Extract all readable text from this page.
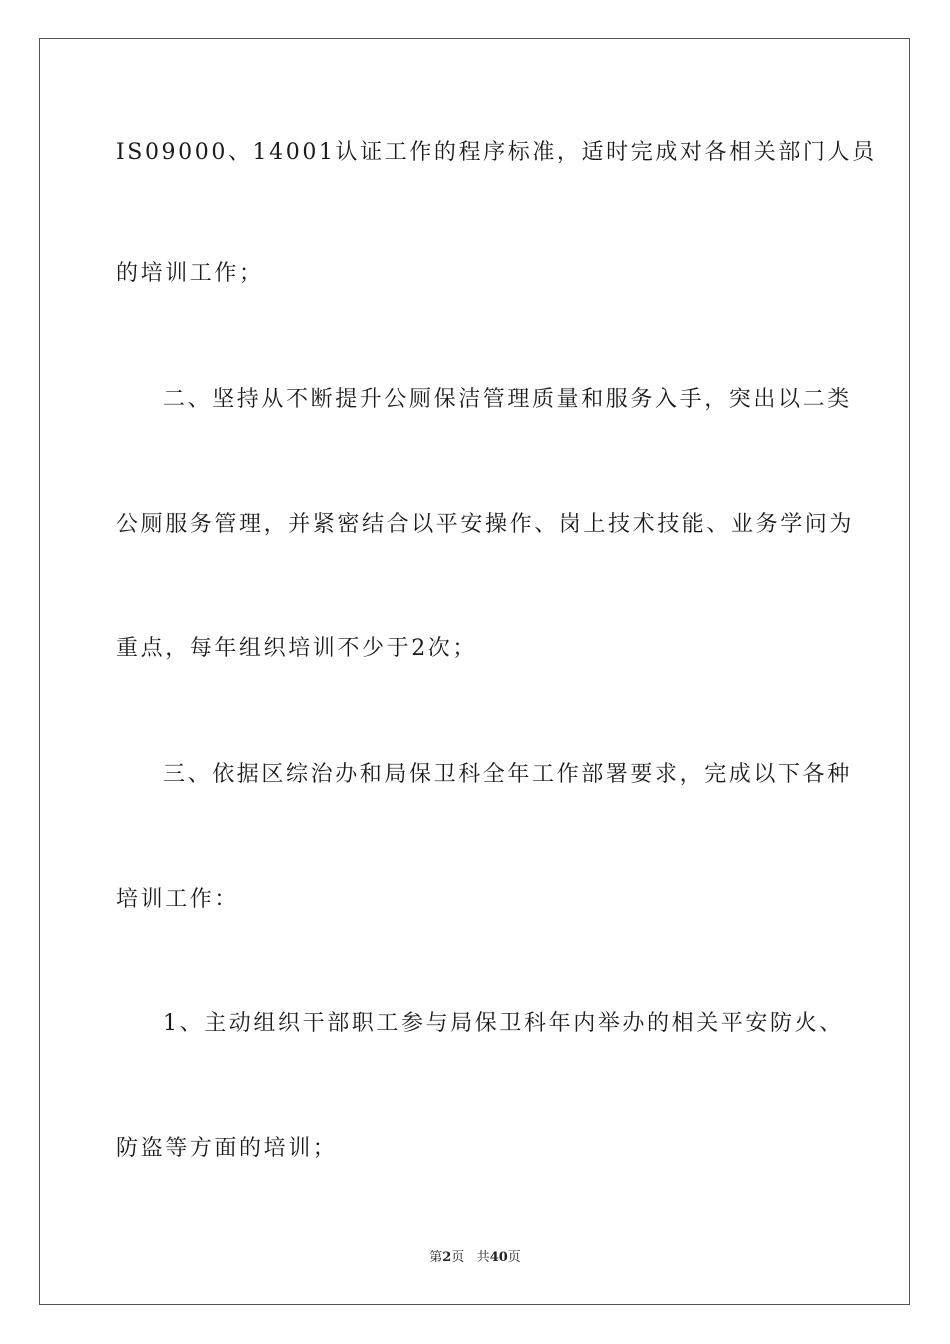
IS09000、14001认证工作的程序标准，适时完成对各相关部门人员
的培训工作；
二、坚持从不断提升公厕保洁管理质量和服务入手，突出以二类
公厕服务管理，并紧密结合以平安操作、岗上技术技能、业务学问为
重点，每年组织培训不少于2次；
三、依据区综治办和局保卫科全年工作部署要求，完成以下各种
培训工作：
1、主动组织干部职工参与局保卫科年内举办的相关平安防火、
防盗等方面的培训；
第2页 共40页
